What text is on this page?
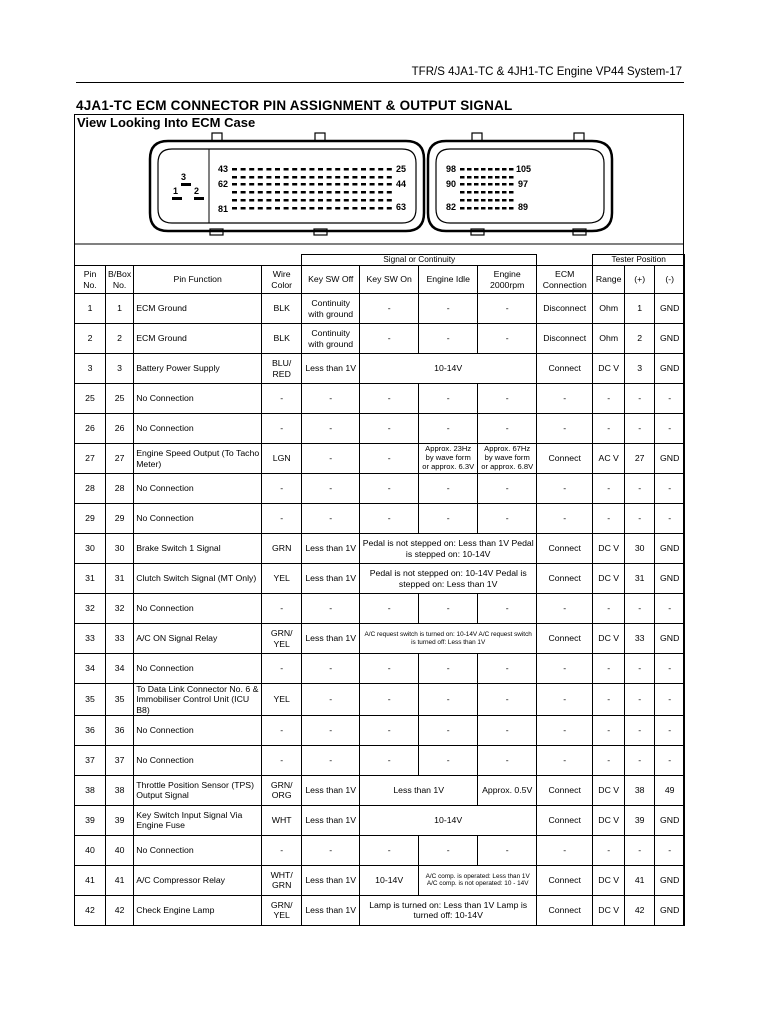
TFR/S 4JA1-TC & 4JH1-TC Engine VP44 System-17
4JA1-TC ECM CONNECTOR PIN ASSIGNMENT & OUTPUT SIGNAL
View Looking Into ECM Case
3
1 2
43
62
81
25
44
63
98
90
82
105
97
89
				Signal or Continuity					Tester Position		
Pin No.	B/Box No.	Pin Function	Wire Color	Key SW Off	Key SW On	Engine Idle	Engine 2000rpm	ECM Connection	Range	(+)	(-)
1	1	ECM Ground	BLK	Continuity with ground	-	-	-	Disconnect	Ohm	1	GND
2	2	ECM Ground	BLK	Continuity with ground	-	-	-	Disconnect	Ohm	2	GND
3	3	Battery Power Supply	BLU/ RED	Less than 1V	10-14V			Connect	DC V	3	GND
25	25	No Connection	-	-	-	-	-	-	-	-	-
26	26	No Connection	-	-	-	-	-	-	-	-	-
27	27	Engine Speed Output (To Tacho Meter)	LGN	-	-	Approx. 23Hz by wave form or approx. 6.3V	Approx. 67Hz by wave form or approx. 6.8V	Connect	AC V	27	GND
28	28	No Connection	-	-	-	-	-	-	-	-	-
29	29	No Connection	-	-	-	-	-	-	-	-	-
30	30	Brake Switch 1 Signal	GRN	Less than 1V	Pedal is not stepped on: Less than 1V Pedal is stepped on: 10-14V			Connect	DC V	30	GND
31	31	Clutch Switch Signal (MT Only)	YEL	Less than 1V	Pedal is not stepped on: 10-14V Pedal is stepped on: Less than 1V			Connect	DC V	31	GND
32	32	No Connection	-	-	-	-	-	-	-	-	-
33	33	A/C ON Signal Relay	GRN/ YEL	Less than 1V	A/C request switch is turned on: 10-14V A/C request switch is turned off: Less than 1V			Connect	DC V	33	GND
34	34	No Connection	-	-	-	-	-	-	-	-	-
35	35	To Data Link Connector No. 6 & Immobiliser Control Unit (ICU B8)	YEL	-	-	-	-	-	-	-	-
36	36	No Connection	-	-	-	-	-	-	-	-	-
37	37	No Connection	-	-	-	-	-	-	-	-	-
38	38	Throttle Position Sensor (TPS) Output Signal	GRN/ ORG	Less than 1V	Less than 1V		Approx. 0.5V	Connect	DC V	38	49
39	39	Key Switch Input Signal Via Engine Fuse	WHT	Less than 1V	10-14V			Connect	DC V	39	GND
40	40	No Connection	-	-	-	-	-	-	-	-	-
41	41	A/C Compressor Relay	WHT/ GRN	Less than 1V	10-14V	A/C comp. is operated: Less than 1V A/C comp. is not operated: 10 - 14V		Connect	DC V	41	GND
42	42	Check Engine Lamp	GRN/ YEL	Less than 1V	Lamp is turned on: Less than 1V Lamp is turned off: 10-14V			Connect	DC V	42	GND
